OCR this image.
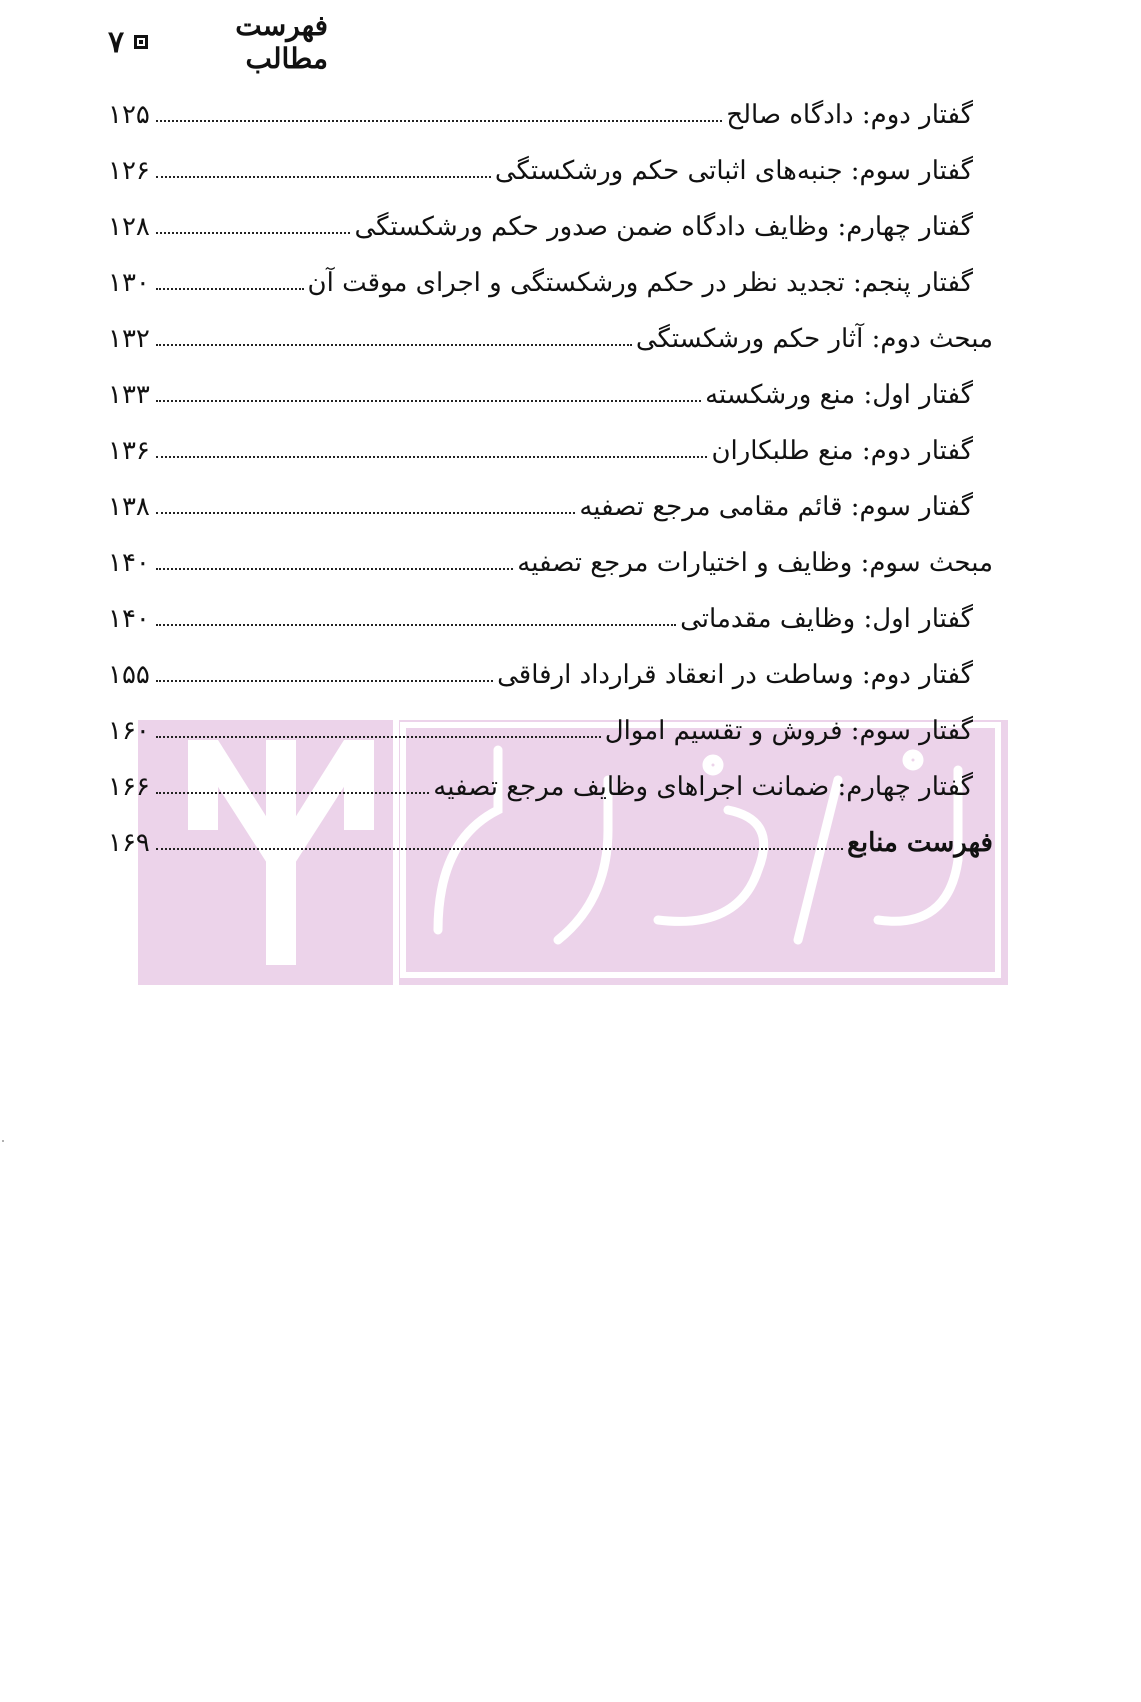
۷	فهرست مطالب
گفتار دوم: دادگاه صالح
۱۲۵
گفتار سوم: جنبه‌های اثباتی حکم ورشکستگی
۱۲۶
گفتار چهارم: وظایف دادگاه ضمن صدور حکم ورشکستگی
۱۲۸
گفتار پنجم: تجدید نظر در حکم ورشکستگی و اجرای موقت آن
۱۳۰
مبحث دوم: آثار حکم ورشکستگی
۱۳۲
گفتار اول: منع ورشکسته
۱۳۳
گفتار دوم: منع طلبکاران
۱۳۶
گفتار سوم: قائم مقامی مرجع تصفیه
۱۳۸
مبحث سوم: وظایف و اختیارات مرجع تصفیه
۱۴۰
گفتار اول: وظایف مقدماتی
۱۴۰
گفتار دوم: وساطت در انعقاد قرارداد ارفاقی
۱۵۵
گفتار سوم: فروش و تقسیم اموال
۱۶۰
گفتار چهارم: ضمانت اجراهای وظایف مرجع تصفیه
۱۶۶
فهرست منابع
۱۶۹
